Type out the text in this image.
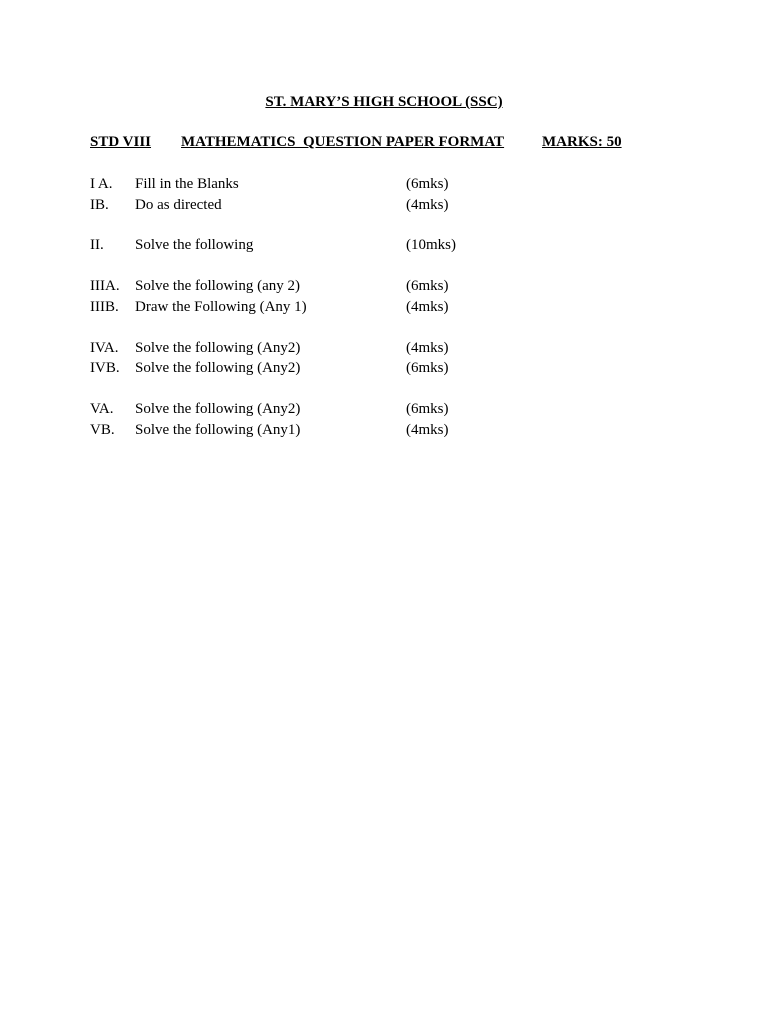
ST. MARY’S HIGH SCHOOL (SSC)
STD VIII MATHEMATICS  QUESTION PAPER FORMAT	MARKS: 50
I A. Fill in the Blanks	(6mks)
IB. Do as directed	(4mks)
II. Solve the following	(10mks)
IIIA. Solve the following (any 2)	(6mks)
IIIB. Draw the Following (Any 1)	(4mks)
IVA. Solve the following (Any2)	(4mks)
IVB. Solve the following (Any2)	(6mks)
VA. Solve the following (Any2)	(6mks)
VB. Solve the following (Any1)	(4mks)
